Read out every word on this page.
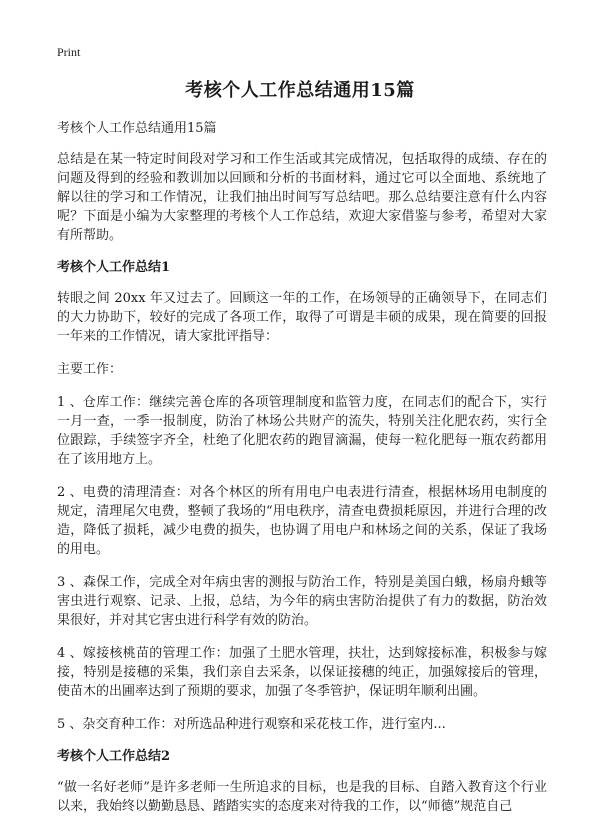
Print
考核个人工作总结通用15篇
考核个人工作总结通用15篇

总结是在某一特定时间段对学习和工作生活或其完成情况，包括取得的成绩、存在的问题及得到的经验和教训加以回顾和分析的书面材料，通过它可以全面地、系统地了解以往的学习和工作情况，让我们抽出时间写写总结吧。那么总结要注意有什么内容呢？下面是小编为大家整理的考核个人工作总结，欢迎大家借鉴与参考，希望对大家有所帮助。

考核个人工作总结1

转眼之间 20xx 年又过去了。回顾这一年的工作，在场领导的正确领导下，在同志们的大力协助下，较好的完成了各项工作，取得了可谓是丰硕的成果，现在简要的回报一年来的工作情况，请大家批评指导：

主要工作：

1 、仓库工作：继续完善仓库的各项管理制度和监管力度，在同志们的配合下，实行一月一查，一季一报制度，防治了林场公共财产的流失，特别关注化肥农药，实行全位跟踪，手续签字齐全，杜绝了化肥农药的跑冒滴漏，使每一粒化肥每一瓶农药都用在了该用地方上。

2 、电费的清理清查：对各个林区的所有用电户电表进行清查，根据林场用电制度的规定，清理尾欠电费，整顿了我场的“用电秩序，清查电费损耗原因，并进行合理的改造，降低了损耗，减少电费的损失，也协调了用电户和林场之间的关系，保证了我场的用电。

3 、森保工作，完成全对年病虫害的测报与防治工作，特别是美国白蛾，杨扇舟蛾等害虫进行观察、记录、上报，总结，为今年的病虫害防治提供了有力的数据，防治效果很好，并对其它害虫进行科学有效的防治。

4 、嫁接核桃苗的管理工作：加强了土肥水管理，扶壮，达到嫁接标准，积极参与嫁接，特别是接穗的采集，我们亲自去采条，以保证接穗的纯正，加强嫁接后的管理，使苗木的出圃率达到了预期的要求，加强了冬季管护，保证明年顺利出圃。

5 、杂交育种工作：对所选品种进行观察和采花枝工作，进行室内...

考核个人工作总结2

“做一名好老师”是许多老师一生所追求的目标，也是我的目标、自踏入教育这个行业以来，我始终以勤勤恳恳、踏踏实实的态度来对待我的工作，以“师德”规范自己
